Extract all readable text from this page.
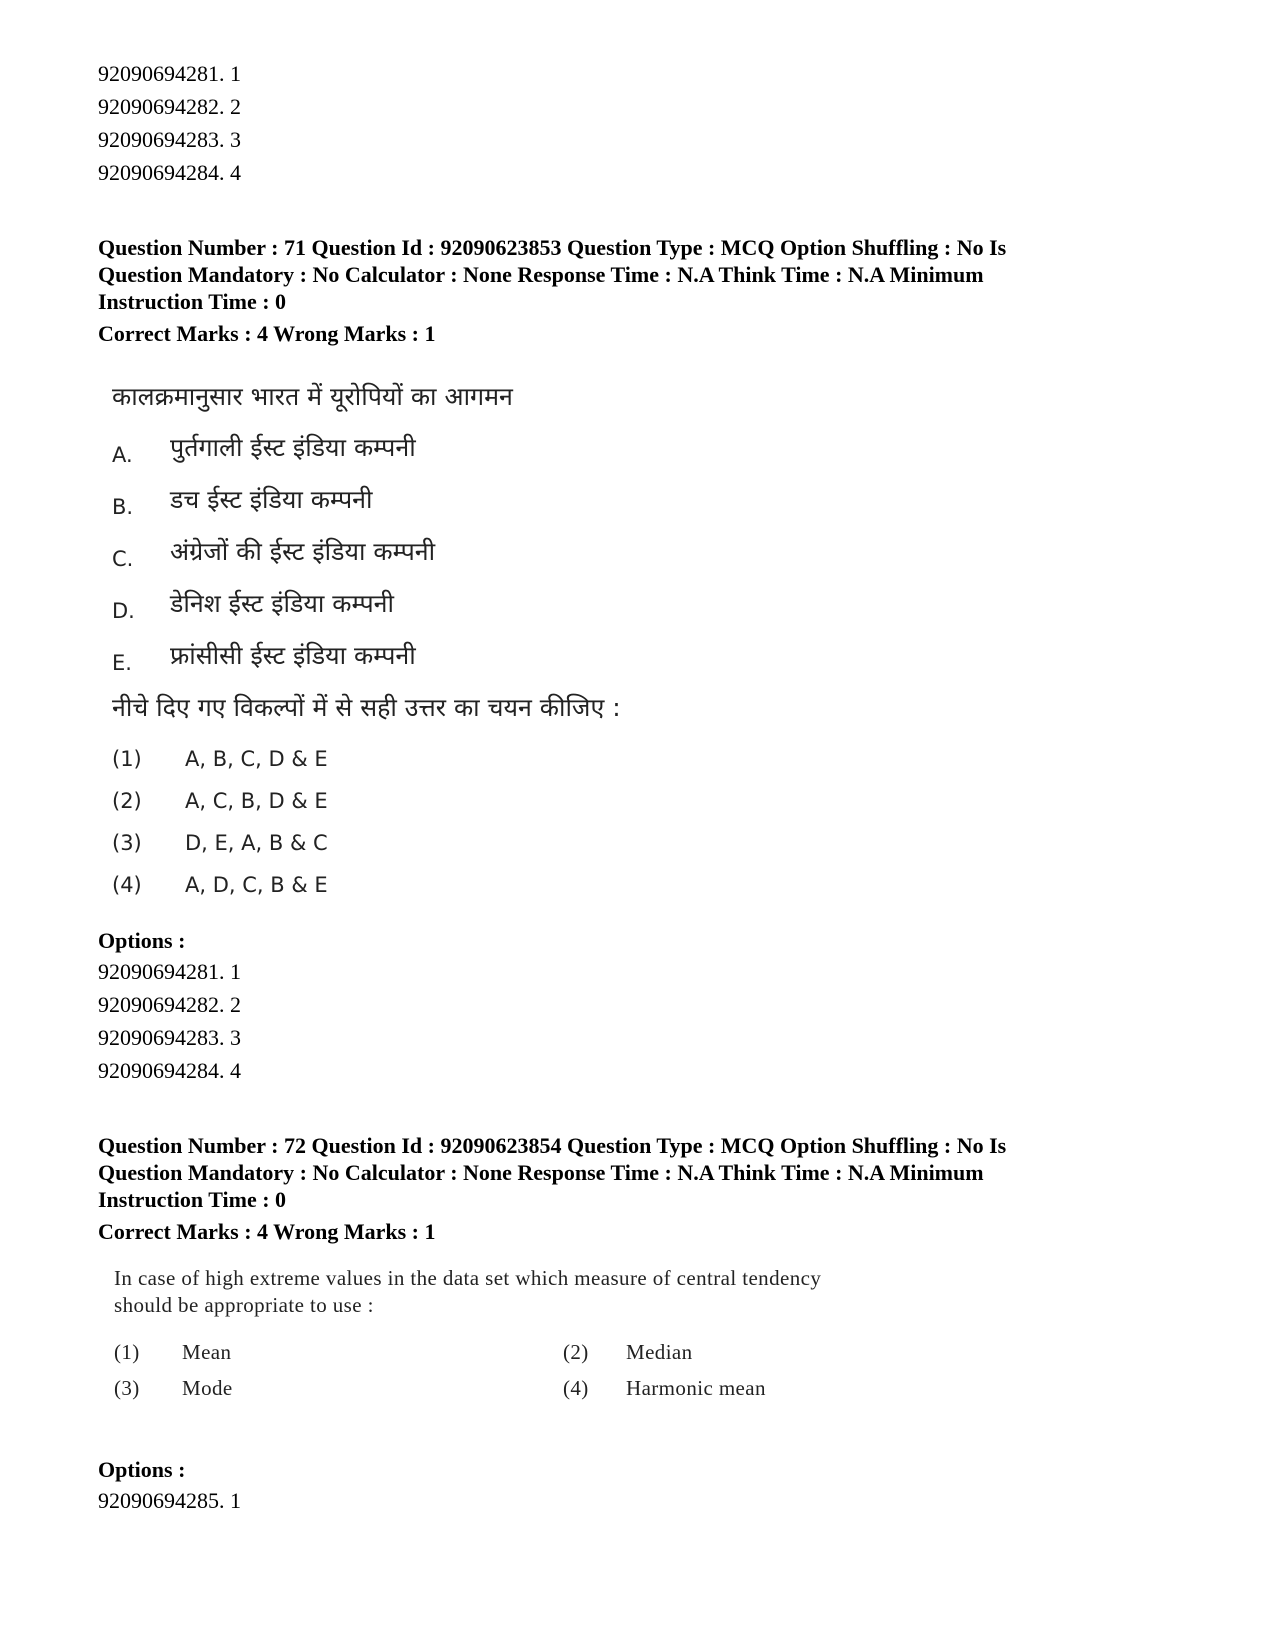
92090694281. 1
92090694282. 2
92090694283. 3
92090694284. 4
Question Number : 71 Question Id : 92090623853 Question Type : MCQ Option Shuffling : No Is
Question Mandatory : No Calculator : None Response Time : N.A Think Time : N.A Minimum
Instruction Time : 0
Correct Marks : 4 Wrong Marks : 1
कालक्रमानुसार भारत में यूरोपियों का आगमन
A. पुर्तगाली ईस्ट इंडिया कम्पनी
B. डच ईस्ट इंडिया कम्पनी
C. अंग्रेजों की ईस्ट इंडिया कम्पनी
D. डेनिश ईस्ट इंडिया कम्पनी
E. फ्रांसीसी ईस्ट इंडिया कम्पनी
नीचे दिए गए विकल्पों में से सही उत्तर का चयन कीजिए :
(1) A, B, C, D & E
(2) A, C, B, D & E
(3) D, E, A, B & C
(4) A, D, C, B & E
Options :
92090694281. 1
92090694282. 2
92090694283. 3
92090694284. 4
Question Number : 72 Question Id : 92090623854 Question Type : MCQ Option Shuffling : No Is
Question Mandatory : No Calculator : None Response Time : N.A Think Time : N.A Minimum
Instruction Time : 0
Correct Marks : 4 Wrong Marks : 1
In case of high extreme values in the data set which measure of central tendency
should be appropriate to use :
(1) Mean	(2) Median
(3) Mode	(4) Harmonic mean
Options :
92090694285. 1
